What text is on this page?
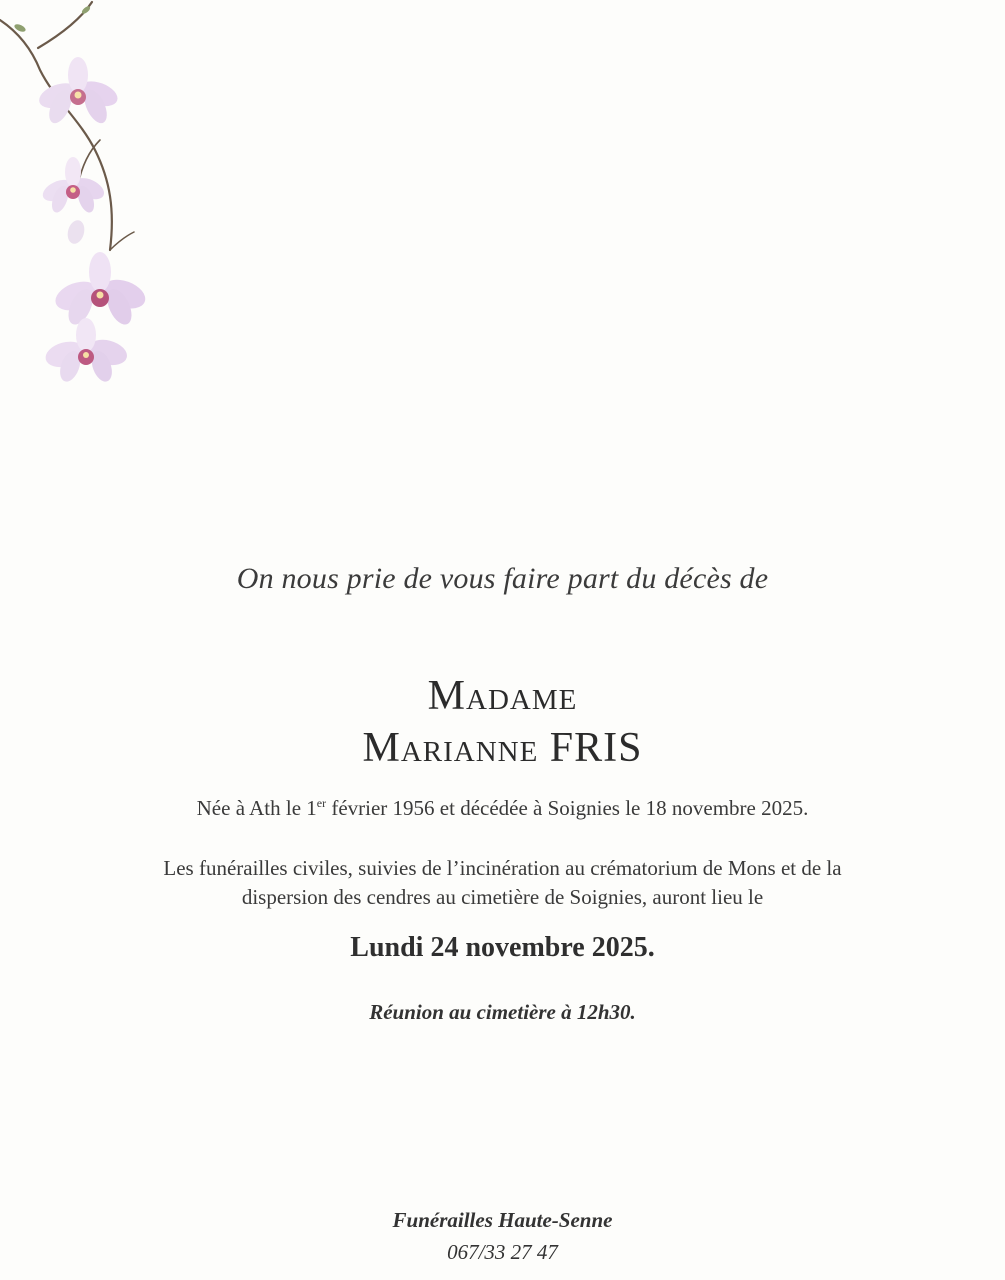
On nous prie de vous faire part du décès de
Madame
Marianne FRIS
Née à Ath le 1er février 1956 et décédée à Soignies le 18 novembre 2025.
Les funérailles civiles, suivies de l’incinération au crématorium de Mons et de la
dispersion des cendres au cimetière de Soignies, auront lieu le
Lundi 24 novembre 2025.
Réunion au cimetière à 12h30.
Funérailles Haute-Senne
067/33 27 47
